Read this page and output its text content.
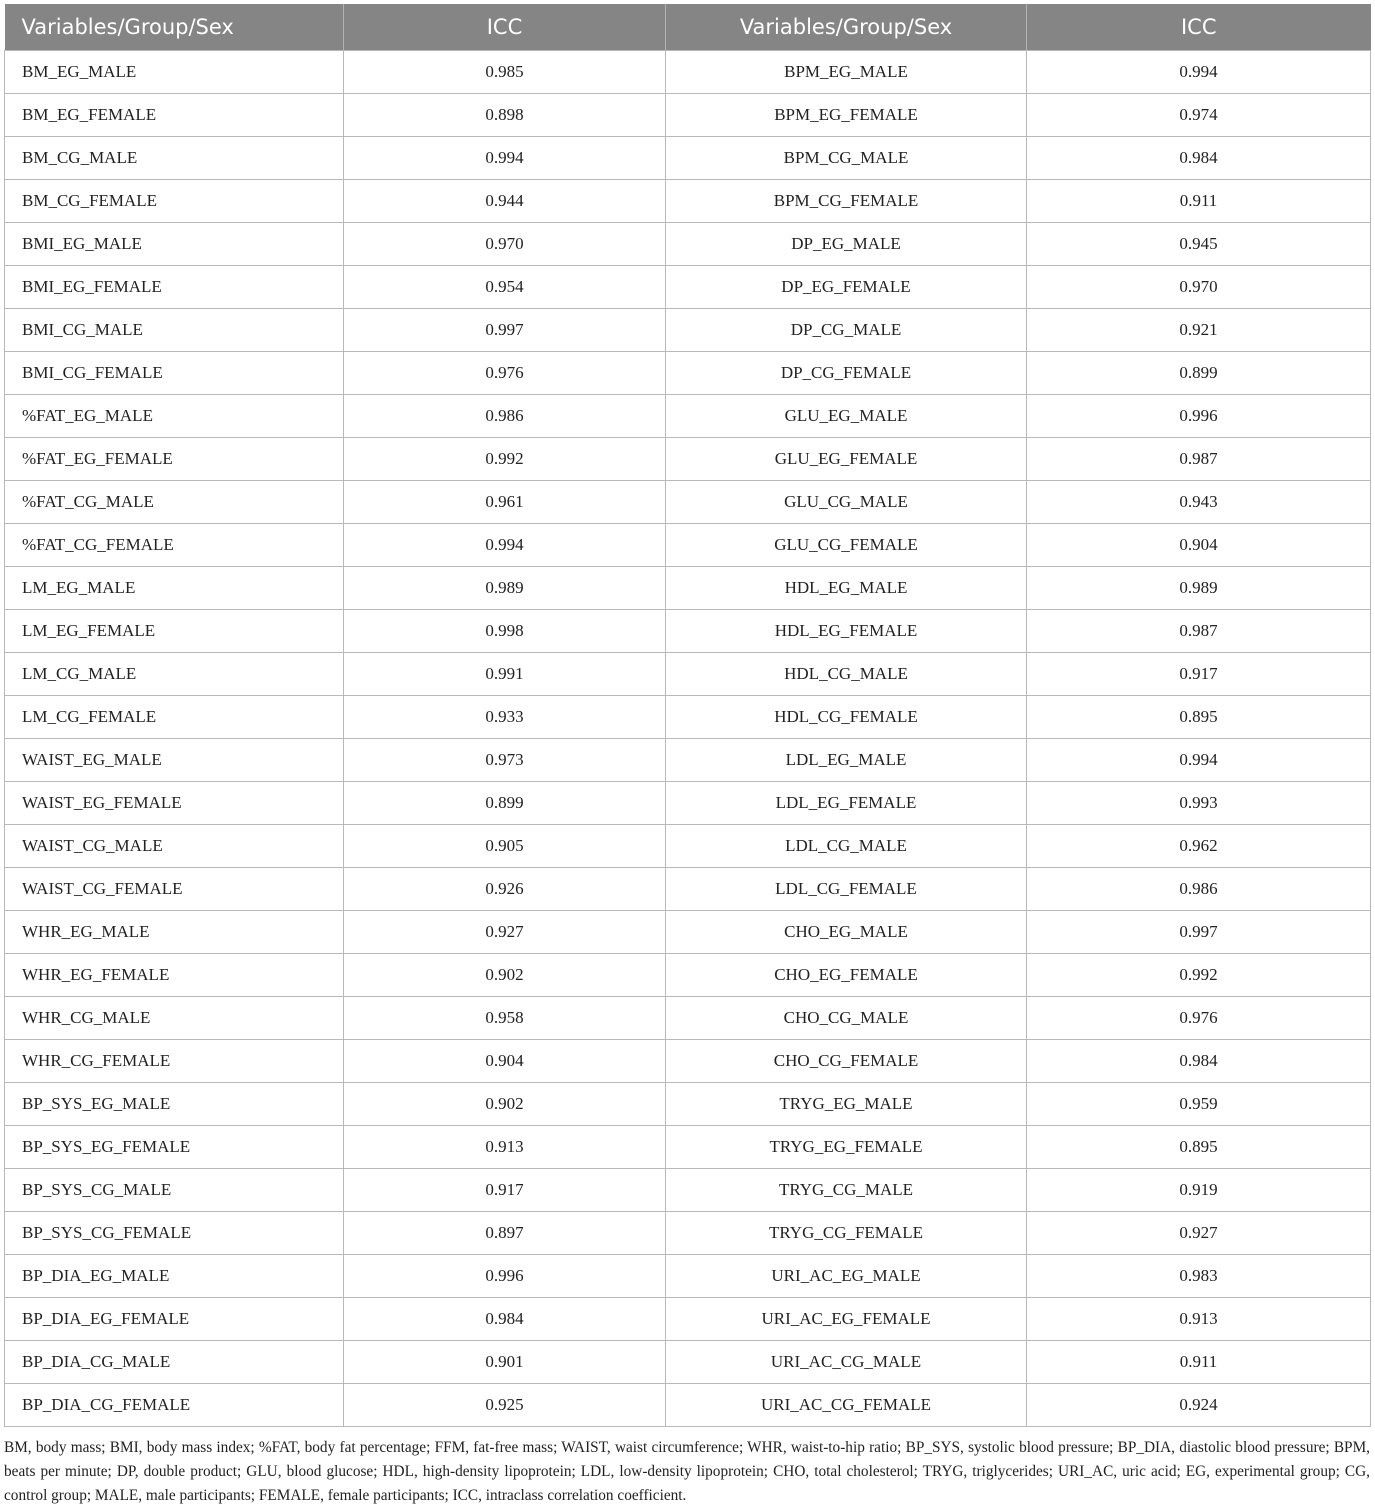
Variables/Group/Sex	ICC	Variables/Group/Sex	ICC
BM_EG_MALE	0.985	BPM_EG_MALE	0.994
BM_EG_FEMALE	0.898	BPM_EG_FEMALE	0.974
BM_CG_MALE	0.994	BPM_CG_MALE	0.984
BM_CG_FEMALE	0.944	BPM_CG_FEMALE	0.911
BMI_EG_MALE	0.970	DP_EG_MALE	0.945
BMI_EG_FEMALE	0.954	DP_EG_FEMALE	0.970
BMI_CG_MALE	0.997	DP_CG_MALE	0.921
BMI_CG_FEMALE	0.976	DP_CG_FEMALE	0.899
%FAT_EG_MALE	0.986	GLU_EG_MALE	0.996
%FAT_EG_FEMALE	0.992	GLU_EG_FEMALE	0.987
%FAT_CG_MALE	0.961	GLU_CG_MALE	0.943
%FAT_CG_FEMALE	0.994	GLU_CG_FEMALE	0.904
LM_EG_MALE	0.989	HDL_EG_MALE	0.989
LM_EG_FEMALE	0.998	HDL_EG_FEMALE	0.987
LM_CG_MALE	0.991	HDL_CG_MALE	0.917
LM_CG_FEMALE	0.933	HDL_CG_FEMALE	0.895
WAIST_EG_MALE	0.973	LDL_EG_MALE	0.994
WAIST_EG_FEMALE	0.899	LDL_EG_FEMALE	0.993
WAIST_CG_MALE	0.905	LDL_CG_MALE	0.962
WAIST_CG_FEMALE	0.926	LDL_CG_FEMALE	0.986
WHR_EG_MALE	0.927	CHO_EG_MALE	0.997
WHR_EG_FEMALE	0.902	CHO_EG_FEMALE	0.992
WHR_CG_MALE	0.958	CHO_CG_MALE	0.976
WHR_CG_FEMALE	0.904	CHO_CG_FEMALE	0.984
BP_SYS_EG_MALE	0.902	TRYG_EG_MALE	0.959
BP_SYS_EG_FEMALE	0.913	TRYG_EG_FEMALE	0.895
BP_SYS_CG_MALE	0.917	TRYG_CG_MALE	0.919
BP_SYS_CG_FEMALE	0.897	TRYG_CG_FEMALE	0.927
BP_DIA_EG_MALE	0.996	URI_AC_EG_MALE	0.983
BP_DIA_EG_FEMALE	0.984	URI_AC_EG_FEMALE	0.913
BP_DIA_CG_MALE	0.901	URI_AC_CG_MALE	0.911
BP_DIA_CG_FEMALE	0.925	URI_AC_CG_FEMALE	0.924

BM, body mass; BMI, body mass index; %FAT, body fat percentage; FFM, fat-free mass; WAIST, waist circumference; WHR, waist-to-hip ratio; BP_SYS, systolic blood pressure; BP_DIA, diastolic blood pressure; BPM, beats per minute; DP, double product; GLU, blood glucose; HDL, high-density lipoprotein; LDL, low-density lipoprotein; CHO, total cholesterol; TRYG, triglycerides; URI_AC, uric acid; EG, experimental group; CG, control group; MALE, male participants; FEMALE, female participants; ICC, intraclass correlation coefficient.
